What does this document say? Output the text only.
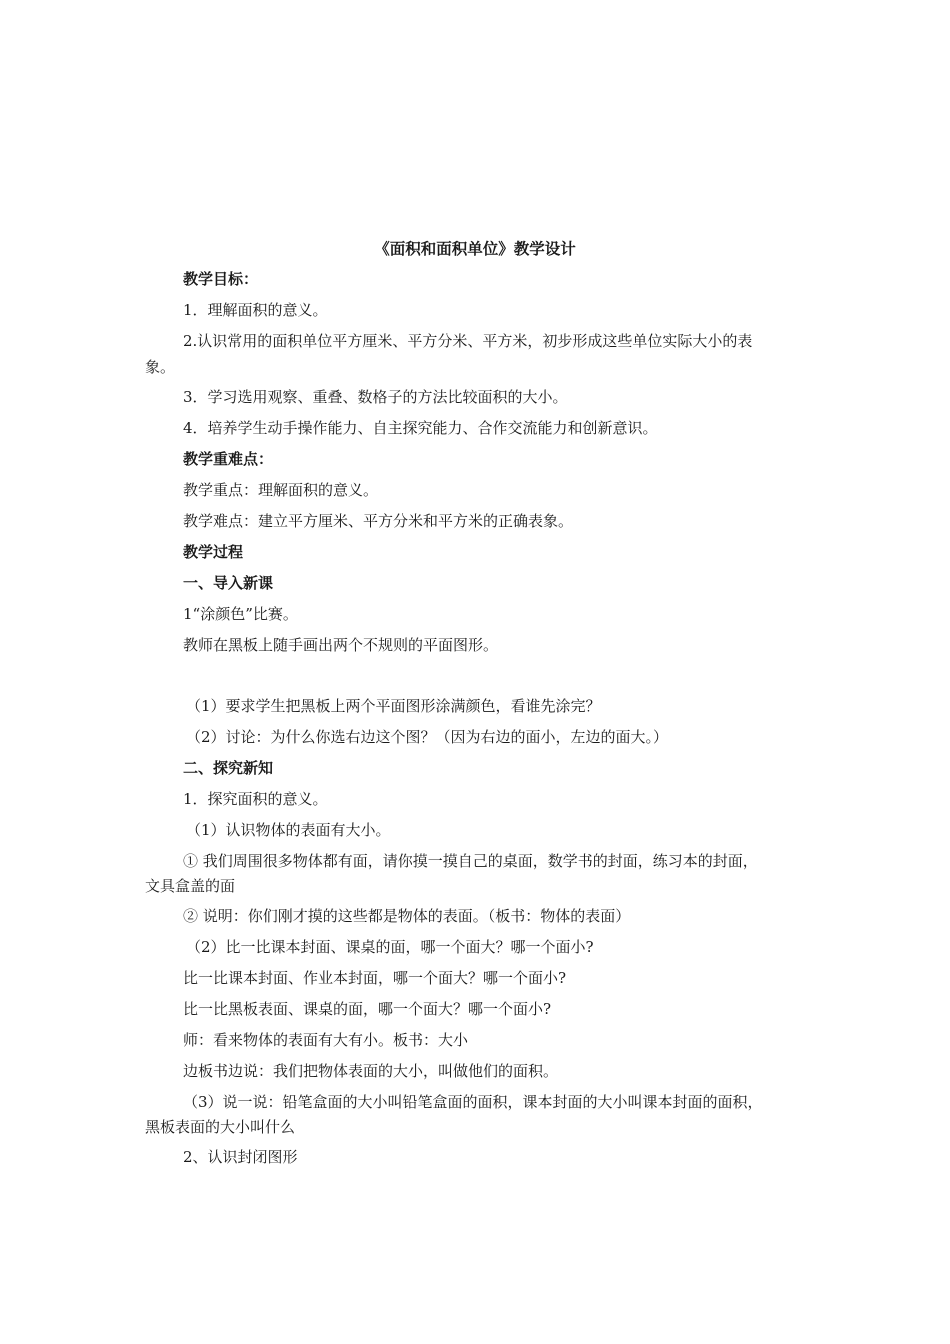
《面积和面积单位》教学设计
教学目标：
1．理解面积的意义。
2.认识常用的面积单位平方厘米、平方分米、平方米，初步形成这些单位实际大小的表
象。
3．学习选用观察、重叠、数格子的方法比较面积的大小。
4．培养学生动手操作能力、自主探究能力、合作交流能力和创新意识。
教学重难点：
教学重点：理解面积的意义。
教学难点：建立平方厘米、平方分米和平方米的正确表象。
教学过程
一、导入新课
1“涂颜色”比赛。
教师在黑板上随手画出两个不规则的平面图形。
（1）要求学生把黑板上两个平面图形涂满颜色，看谁先涂完？
（2）讨论：为什么你选右边这个图？（因为右边的面小，左边的面大。）
二、探究新知
1．探究面积的意义。
（1）认识物体的表面有大小。
① 我们周围很多物体都有面，请你摸一摸自己的桌面，数学书的封面，练习本的封面，
文具盒盖的面
② 说明：你们刚才摸的这些都是物体的表面。（板书：物体的表面）
（2）比一比课本封面、课桌的面，哪一个面大？哪一个面小?
比一比课本封面、作业本封面，哪一个面大？哪一个面小?
比一比黑板表面、课桌的面，哪一个面大？哪一个面小?
师：看来物体的表面有大有小。板书：大小
边板书边说：我们把物体表面的大小，叫做他们的面积。
（3）说一说：铅笔盒面的大小叫铅笔盒面的面积，课本封面的大小叫课本封面的面积，
黑板表面的大小叫什么
2、认识封闭图形
